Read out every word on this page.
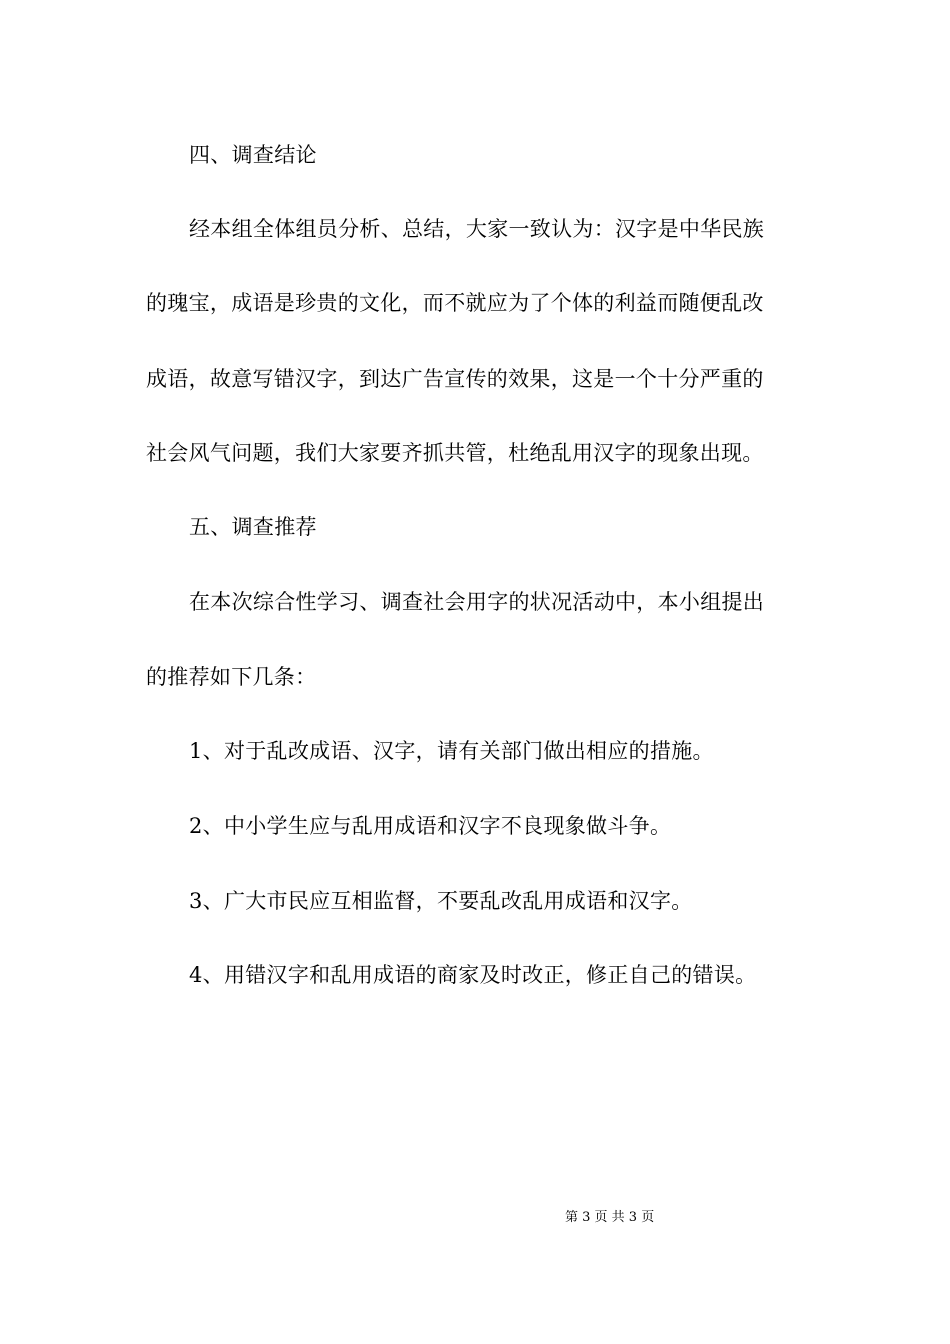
四、调查结论
经本组全体组员分析、总结，大家一致认为：汉字是中华民族
的瑰宝，成语是珍贵的文化，而不就应为了个体的利益而随便乱改
成语，故意写错汉字，到达广告宣传的效果，这是一个十分严重的
社会风气问题，我们大家要齐抓共管，杜绝乱用汉字的现象出现。
五、调查推荐
在本次综合性学习、调查社会用字的状况活动中，本小组提出
的推荐如下几条：
1、对于乱改成语、汉字，请有关部门做出相应的措施。
2、中小学生应与乱用成语和汉字不良现象做斗争。
3、广大市民应互相监督，不要乱改乱用成语和汉字。
4、用错汉字和乱用成语的商家及时改正，修正自己的错误。
第 3 页 共 3 页
